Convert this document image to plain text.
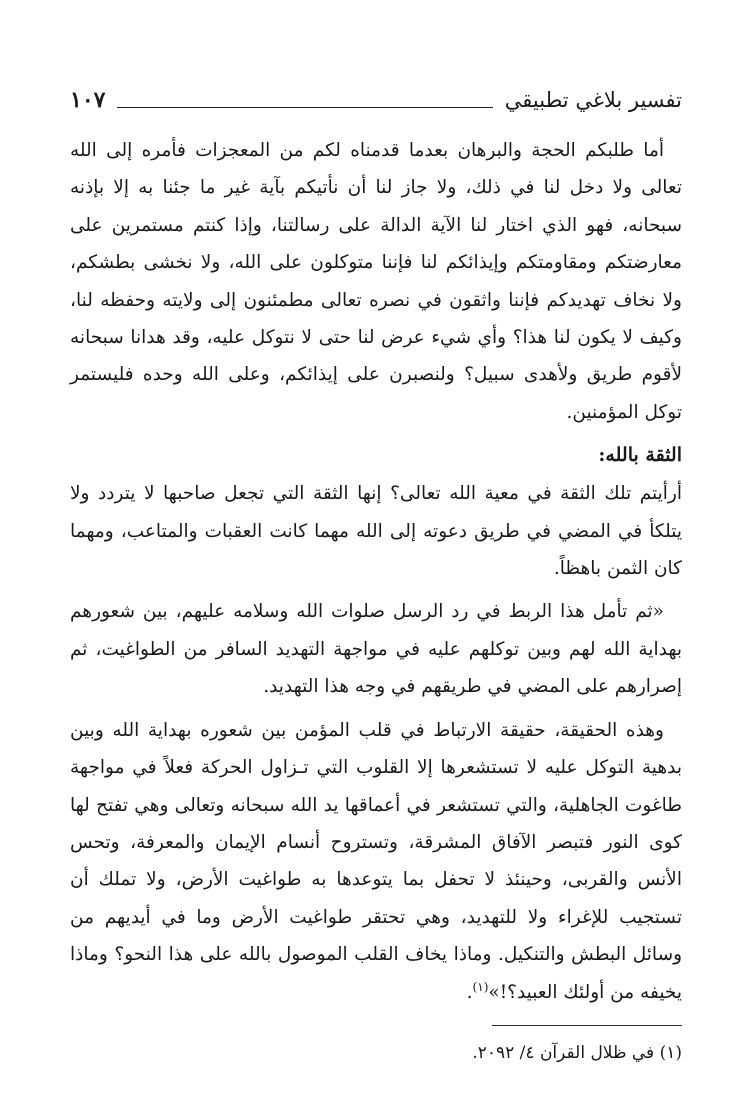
تفسير بلاغي تطبيقي
١٠٧

أما طلبكم الحجة والبرهان بعدما قدمناه لكم من المعجزات فأمره إلى الله تعالى ولا دخل لنا في ذلك، ولا جاز لنا أن نأتيكم بآية غير ما جئنا به إلا بإذنه سبحانه، فهو الذي اختار لنا الآية الدالة على رسالتنا، وإذا كنتم مستمرين على معارضتكم ومقاومتكم وإيذائكم لنا فإننا متوكلون على الله، ولا نخشى بطشكم، ولا نخاف تهديدكم فإننا واثقون في نصره تعالى مطمئنون إلى ولايته وحفظه لنا، وكيف لا يكون لنا هذا؟ وأي شيء عرض لنا حتى لا نتوكل عليه، وقد هدانا سبحانه لأقوم طريق ولأهدى سبيل؟ ولنصبرن على إيذائكم، وعلى الله وحده فليستمر توكل المؤمنين.

الثقة بالله:

أرأيتم تلك الثقة في معية الله تعالى؟ إنها الثقة التي تجعل صاحبها لا يتردد ولا يتلكأ في المضي في طريق دعوته إلى الله مهما كانت العقبات والمتاعب، ومهما كان الثمن باهظاً.

«ثم تأمل هذا الربط في رد الرسل صلوات الله وسلامه عليهم، بين شعورهم بهداية الله لهم وبين توكلهم عليه في مواجهة التهديد السافر من الطواغيت، ثم إصرارهم على المضي في طريقهم في وجه هذا التهديد.

وهذه الحقيقة، حقيقة الارتباط في قلب المؤمن بين شعوره بهداية الله وبين بدهية التوكل عليه لا تستشعرها إلا القلوب التي تـزاول الحركة فعلاً في مواجهة طاغوت الجاهلية، والتي تستشعر في أعماقها يد الله سبحانه وتعالى وهي تفتح لها كوى النور فتبصر الآفاق المشرقة، وتستروح أنسام الإيمان والمعرفة، وتحس الأنس والقربى، وحينئذ لا تحفل بما يتوعدها به طواغيت الأرض، ولا تملك أن تستجيب للإغراء ولا للتهديد، وهي تحتقر طواغيت الأرض وما في أيديهم من وسائل البطش والتنكيل. وماذا يخاف القلب الموصول بالله على هذا النحو؟ وماذا يخيفه من أولئك العبيد؟!»$^{(١)}$.

(١) في ظلال القرآن ٤/ ٢٠٩٢.
